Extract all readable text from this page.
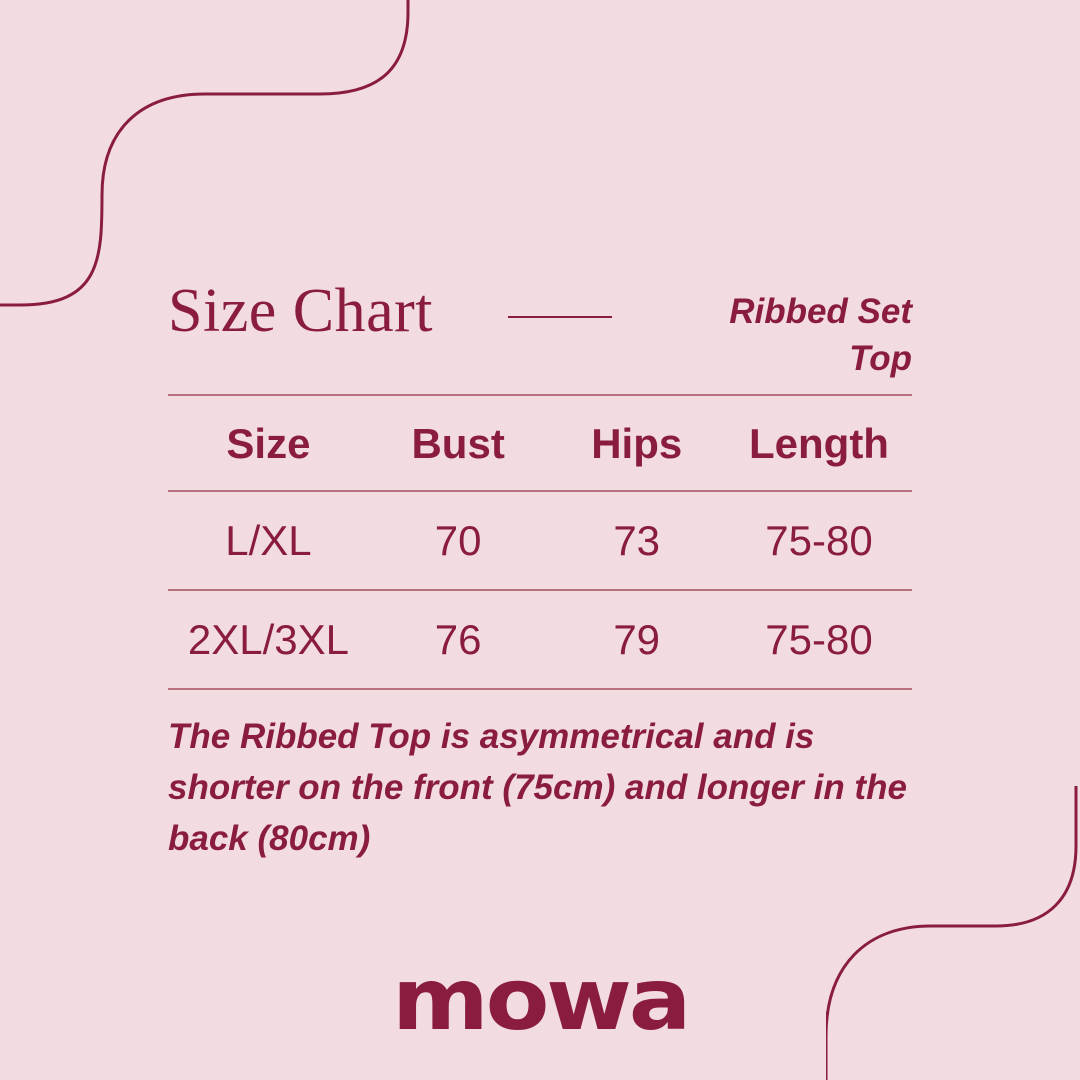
Size Chart	Ribbed Set Top
Size	Bust	Hips	Length
L/XL	70	73	75-80
2XL/3XL	76	79	75-80
The Ribbed Top is asymmetrical and is shorter on the front (75cm) and longer in the back (80cm)
mowa
